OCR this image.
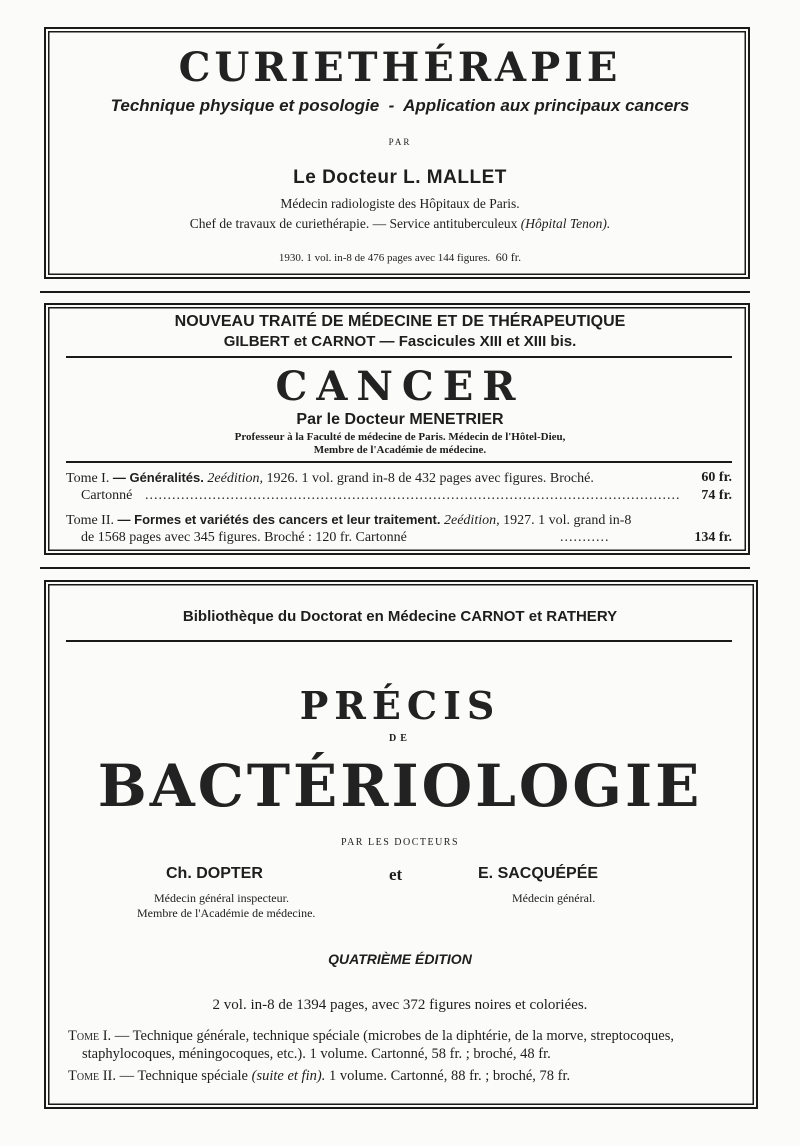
CURIETHÉRAPIE
Technique physique et posologie  -  Application aux principaux cancers
PAR
Le Docteur L. MALLET
Médecin radiologiste des Hôpitaux de Paris.
Chef de travaux de curiethérapie. — Service antituberculeux (Hôpital Tenon).
1930. 1 vol. in-8 de 476 pages avec 144 figures. 60 fr.
NOUVEAU TRAITÉ DE MÉDECINE ET DE THÉRAPEUTIQUE
GILBERT et CARNOT — Fascicules XIII et XIII bis.
CANCER
Par le Docteur MENETRIER
Professeur à la Faculté de médecine de Paris. Médecin de l'Hôtel-Dieu,
Membre de l'Académie de médecine.
Tome I. — Généralités. 2eédition, 1926. 1 vol. grand in-8 de 432 pages avec figures. Broché.	60 fr.
Cartonné .....	74 fr.
Tome II. — Formes et variétés des cancers et leur traitement. 2eédition, 1927. 1 vol. grand in-8
de 1568 pages avec 345 figures. Broché : 120 fr. Cartonné .....	134 fr.
Bibliothèque du Doctorat en Médecine CARNOT et RATHERY
PRÉCIS
DE
BACTÉRIOLOGIE
PAR LES DOCTEURS
Ch. DOPTER	et	E. SACQUÉPÉE
Médecin général inspecteur.
Membre de l'Académie de médecine.
Médecin général.
QUATRIÈME ÉDITION
2 vol. in-8 de 1394 pages, avec 372 figures noires et coloriées.
Tome I. — Technique générale, technique spéciale (microbes de la diphtérie, de la morve, streptocoques,
staphylocoques, méningocoques, etc.). 1 volume. Cartonné, 58 fr. ; broché, 48 fr.
Tome II. — Technique spéciale (suite et fin). 1 volume. Cartonné, 88 fr. ; broché, 78 fr.
